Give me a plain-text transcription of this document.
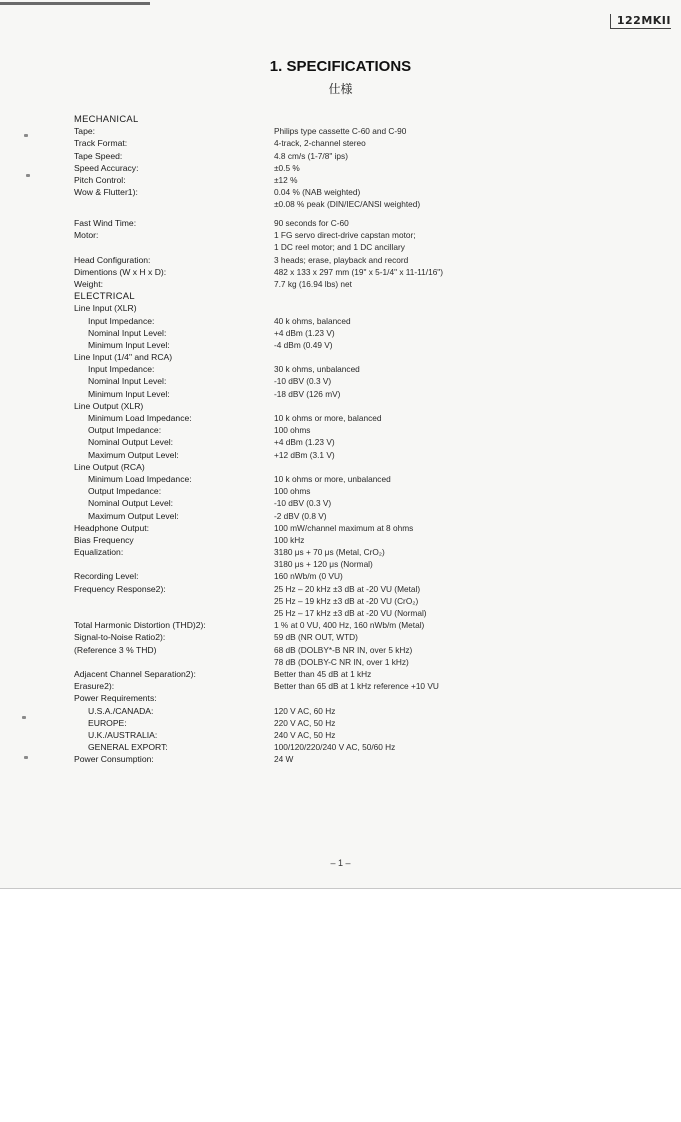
122MKII
1. SPECIFICATIONS
仕様
MECHANICAL
Tape:	Philips type cassette C-60 and C-90
Track Format:	4-track, 2-channel stereo
Tape Speed:	4.8 cm/s (1-7/8" ips)
Speed Accuracy:	±0.5 %
Pitch Control:	±12 %
Wow & Flutter1):	0.04 % (NAB weighted)
±0.08 % peak (DIN/IEC/ANSI weighted)
Fast Wind Time:	90 seconds for C-60
Motor:	1 FG servo direct-drive capstan motor;
1 DC reel motor; and 1 DC ancillary
Head Configuration:	3 heads; erase, playback and record
Dimentions (W x H x D):	482 x 133 x 297 mm (19" x 5-1/4" x 11-11/16")
Weight:	7.7 kg (16.94 lbs) net
ELECTRICAL
Line Input (XLR)
Input Impedance:	40 k ohms, balanced
Nominal Input Level:	+4 dBm (1.23 V)
Minimum Input Level:	-4 dBm (0.49 V)
Line Input (1/4" and RCA)
Input Impedance:	30 k ohms, unbalanced
Nominal Input Level:	-10 dBV (0.3 V)
Minimum Input Level:	-18 dBV (126 mV)
Line Output (XLR)
Minimum Load Impedance:	10 k ohms or more, balanced
Output Impedance:	100 ohms
Nominal Output Level:	+4 dBm (1.23 V)
Maximum Output Level:	+12 dBm (3.1 V)
Line Output (RCA)
Minimum Load Impedance:	10 k ohms or more, unbalanced
Output Impedance:	100 ohms
Nominal Output Level:	-10 dBV (0.3 V)
Maximum Output Level:	-2 dBV (0.8 V)
Headphone Output:	100 mW/channel maximum at 8 ohms
Bias Frequency	100 kHz
Equalization:	3180 μs + 70 μs (Metal, CrO₂)
3180 μs + 120 μs (Normal)
Recording Level:	160 nWb/m (0 VU)
Frequency Response2):	25 Hz – 20 kHz ±3 dB at -20 VU (Metal)
25 Hz – 19 kHz ±3 dB at -20 VU (CrO₂)
25 Hz – 17 kHz ±3 dB at -20 VU (Normal)
Total Harmonic Distortion (THD)2):	1 % at 0 VU, 400 Hz, 160 nWb/m (Metal)
Signal-to-Noise Ratio2):	59 dB (NR OUT, WTD)
(Reference 3 % THD)	68 dB (DOLBY*-B NR IN, over 5 kHz)
78 dB (DOLBY-C NR IN, over 1 kHz)
Adjacent Channel Separation2):	Better than 45 dB at 1 kHz
Erasure2):	Better than 65 dB at 1 kHz reference +10 VU
Power Requirements:
U.S.A./CANADA:	120 V AC, 60 Hz
EUROPE:	220 V AC, 50 Hz
U.K./AUSTRALIA:	240 V AC, 50 Hz
GENERAL EXPORT:	100/120/220/240 V AC, 50/60 Hz
Power Consumption:	24 W
– 1 –
